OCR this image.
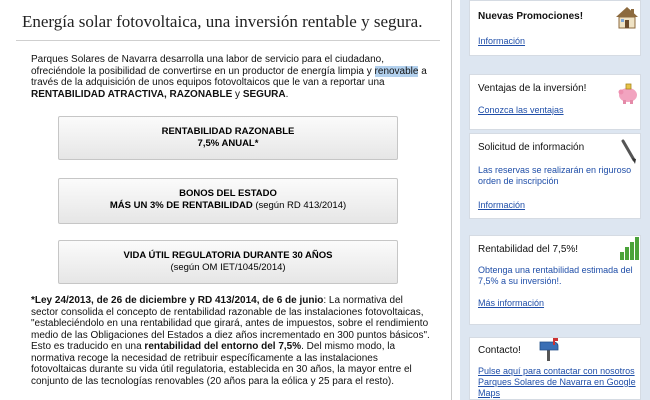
Energía solar fotovoltaica, una inversión rentable y segura.

Parques Solares de Navarra desarrolla una labor de servicio para el ciudadano, ofreciéndole la posibilidad de convertirse en un productor de energía limpia y renovable a través de la adquisición de unos equipos fotovoltaicos que le van a reportar una RENTABILIDAD ATRACTIVA, RAZONABLE y SEGURA.

RENTABILIDAD RAZONABLE
7,5% ANUAL*
BONOS DEL ESTADO
MÁS UN 3% DE RENTABILIDAD (según RD 413/2014)
VIDA ÚTIL REGULATORIA DURANTE 30 AÑOS
(según OM IET/1045/2014)

*Ley 24/2013, de 26 de diciembre y RD 413/2014, de 6 de junio: La normativa del sector consolida el concepto de rentabilidad razonable de las instalaciones fotovoltaicas, "estableciéndolo en una rentabilidad que girará, antes de impuestos, sobre el rendimiento medio de las Obligaciones del Estados a diez años incrementado en 300 puntos básicos". Esto es traducido en una rentabilidad del entorno del 7,5%. Del mismo modo, la normativa recoge la necesidad de retribuir específicamente a las instalaciones fotovoltaicas durante su vida útil regulatoria, establecida en 30 años, la mayor entre el conjunto de las tecnologías renovables (20 años para la eólica y 25 para el resto).

Nuevas Promociones!
Información
Ventajas de la inversión!
Conozca las ventajas
Solicitud de información
Las reservas se realizarán en riguroso orden de inscripción
Información
Rentabilidad del 7,5%!
Obtenga una rentabilidad estimada del 7,5% a su inversión!.
Más información
Contacto!
Pulse aquí para contactar con nosotros Parques Solares de Navarra en Google Maps
